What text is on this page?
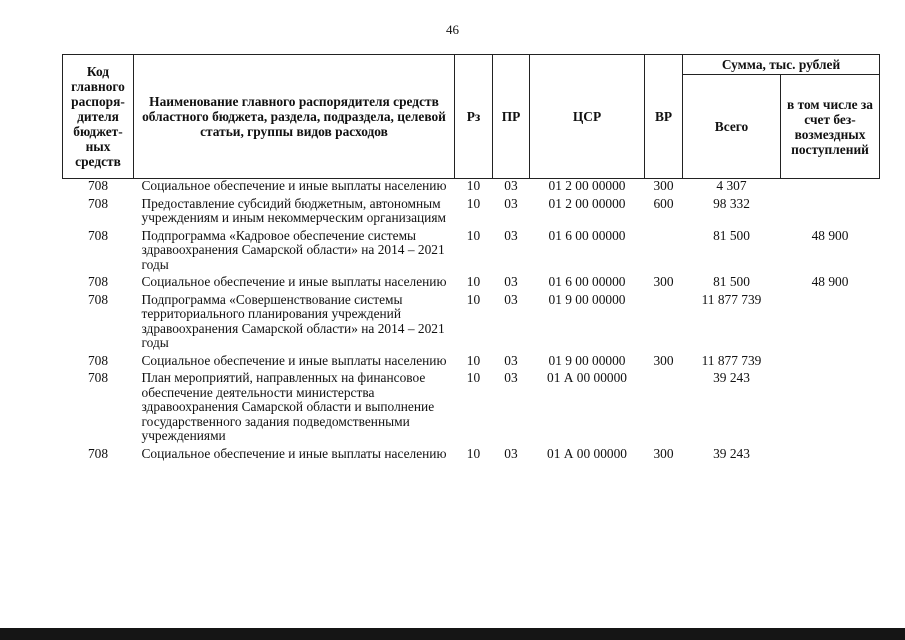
46
Код главного распоря-дителя бюджет-ных средств	Наименование главного распорядителя средств областного бюджета, раздела, подраздела, целевой статьи, группы видов расходов	Рз	ПР	ЦСР	ВР	Сумма, тыс. рублей	
						Всего	в том числе за счет без-возмездных поступлений
708	Социальное обеспечение и иные выплаты населению	10	03	01 2 00 00000	300	4 307	
708	Предоставление субсидий бюджетным, автономным учреждениям и иным некоммерческим организациям	10	03	01 2 00 00000	600	98 332	
708	Подпрограмма «Кадровое обеспечение системы здравоохранения Самарской области» на 2014 – 2021 годы	10	03	01 6 00 00000		81 500	48 900
708	Социальное обеспечение и иные выплаты населению	10	03	01 6 00 00000	300	81 500	48 900
708	Подпрограмма «Совершенствование системы территориального планирования учреждений здравоохранения Самарской области» на 2014 – 2021 годы	10	03	01 9 00 00000		11 877 739	
708	Социальное обеспечение и иные выплаты населению	10	03	01 9 00 00000	300	11 877 739	
708	План мероприятий, направленных на финансовое обеспечение деятельности министерства здравоохранения Самарской области и выполнение государственного задания подведомственными учреждениями	10	03	01 А 00 00000		39 243	
708	Социальное обеспечение и иные выплаты населению	10	03	01 А 00 00000	300	39 243	
